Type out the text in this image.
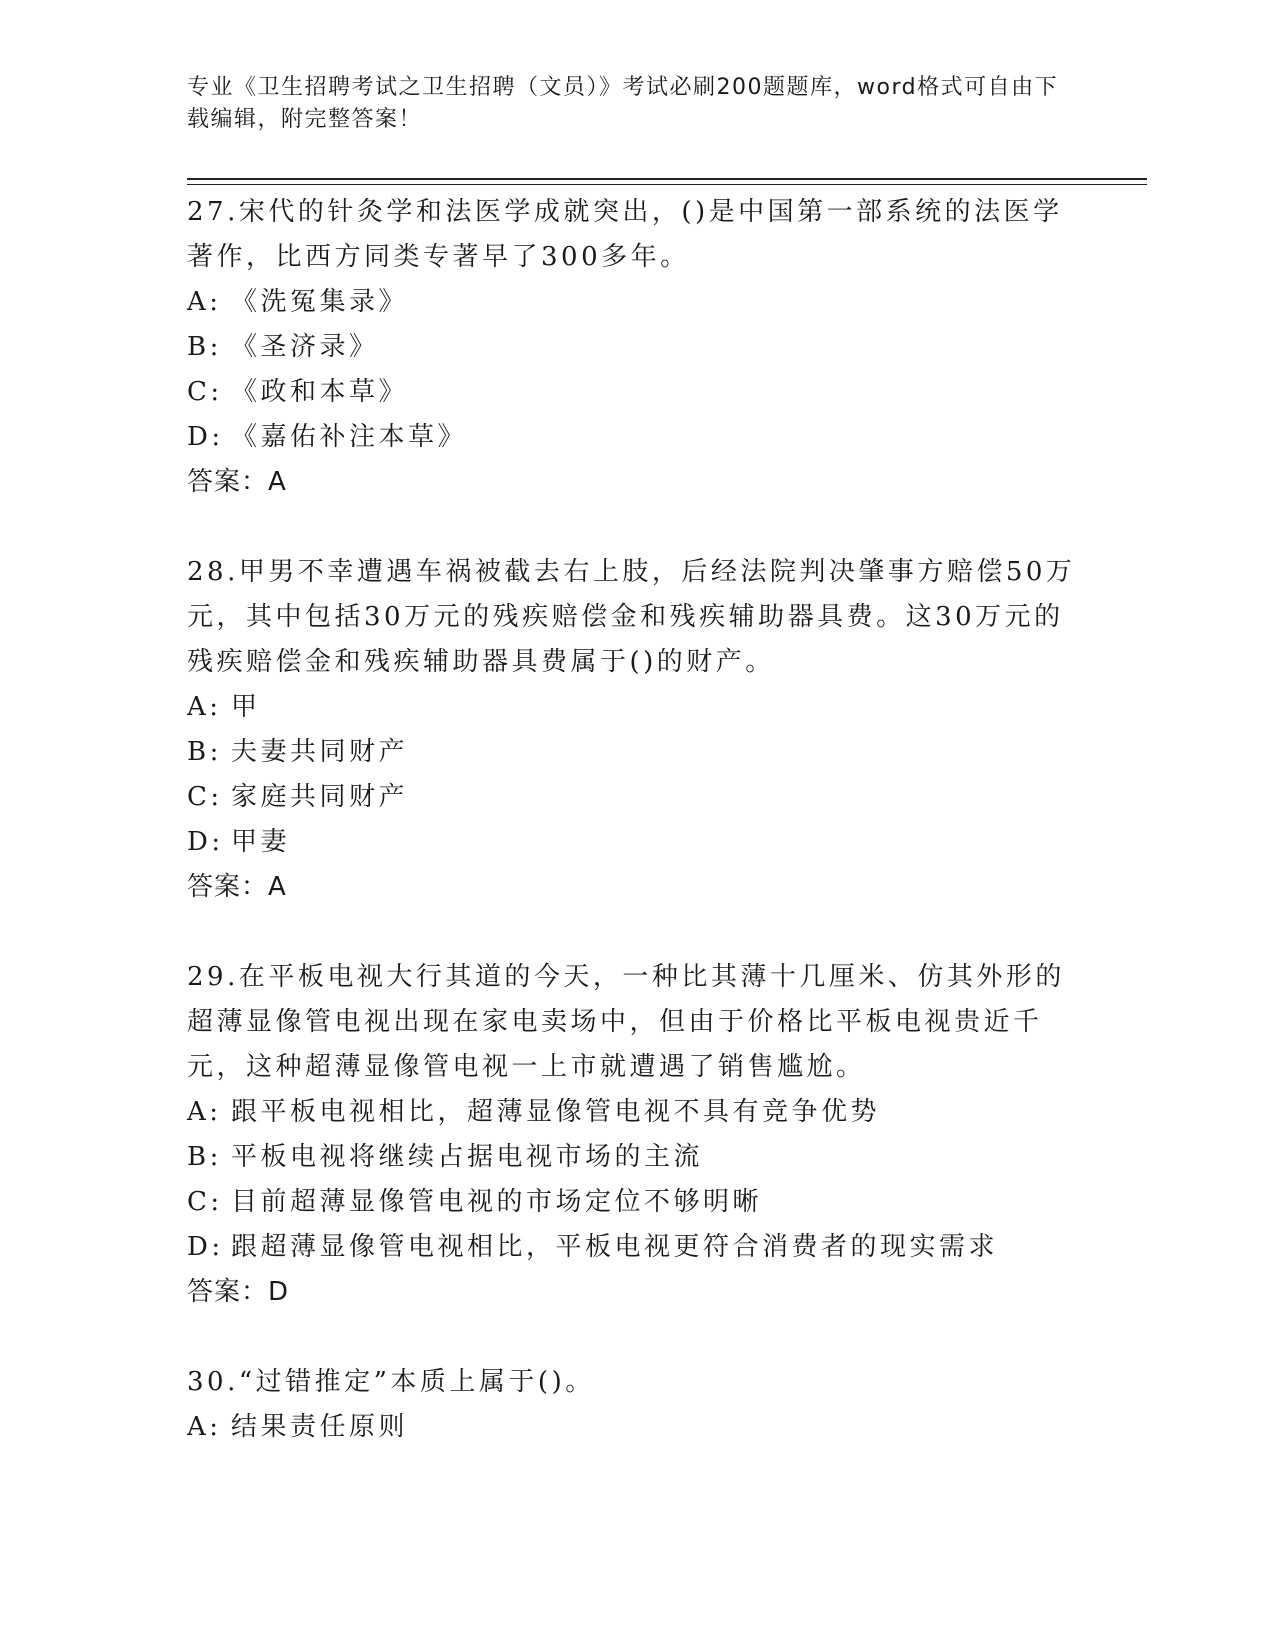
专业《卫生招聘考试之卫生招聘（文员）》考试必刷200题题库，word格式可自由下载编辑，附完整答案！

27.宋代的针灸学和法医学成就突出，()是中国第一部系统的法医学著作，比西方同类专著早了300多年。

A: 《洗冤集录》

B: 《圣济录》

C: 《政和本草》

D: 《嘉佑补注本草》

答案：A

28.甲男不幸遭遇车祸被截去右上肢，后经法院判决肇事方赔偿50万元，其中包括30万元的残疾赔偿金和残疾辅助器具费。这30万元的残疾赔偿金和残疾辅助器具费属于()的财产。

A: 甲

B: 夫妻共同财产

C: 家庭共同财产

D: 甲妻

答案：A

29.在平板电视大行其道的今天，一种比其薄十几厘米、仿其外形的超薄显像管电视出现在家电卖场中，但由于价格比平板电视贵近千元，这种超薄显像管电视一上市就遭遇了销售尴尬。

A: 跟平板电视相比，超薄显像管电视不具有竞争优势

B: 平板电视将继续占据电视市场的主流

C: 目前超薄显像管电视的市场定位不够明晰

D: 跟超薄显像管电视相比，平板电视更符合消费者的现实需求

答案：D

30.“过错推定”本质上属于()。

A: 结果责任原则
